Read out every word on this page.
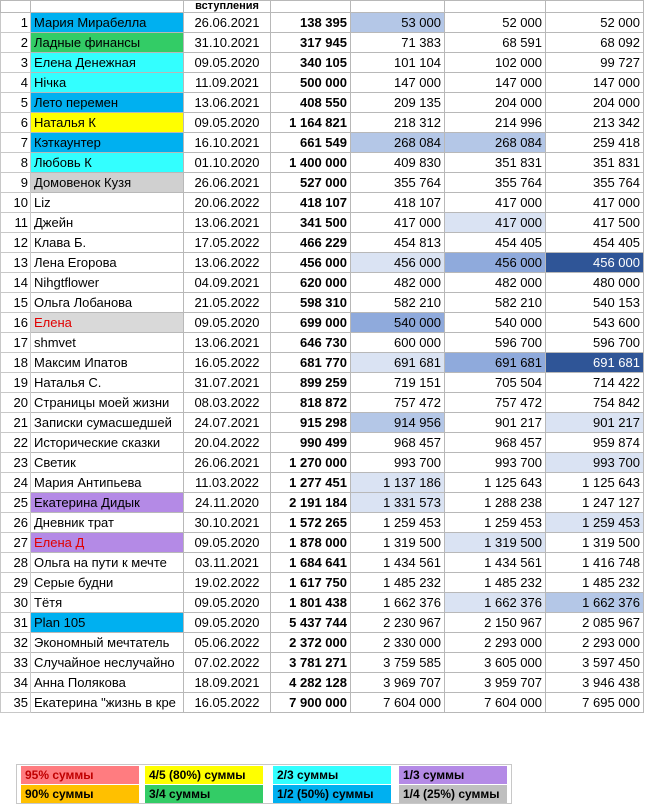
		вступления				
1	Мария Мирабелла	26.06.2021	138 395	53 000	52 000	52 000
2	Ладные финансы	31.10.2021	317 945	71 383	68 591	68 092
3	Елена Денежная	09.05.2020	340 105	101 104	102 000	99 727
4	Нічка	11.09.2021	500 000	147 000	147 000	147 000
5	Лето перемен	13.06.2021	408 550	209 135	204 000	204 000
6	Наталья К	09.05.2020	1 164 821	218 312	214 996	213 342
7	Кэткаунтер	16.10.2021	661 549	268 084	268 084	259 418
8	Любовь К	01.10.2020	1 400 000	409 830	351 831	351 831
9	Домовенок Кузя	26.06.2021	527 000	355 764	355 764	355 764
10	Liz	20.06.2022	418 107	418 107	417 000	417 000
11	Джейн	13.06.2021	341 500	417 000	417 000	417 500
12	Клава Б.	17.05.2022	466 229	454 813	454 405	454 405
13	Лена Егорова	13.06.2022	456 000	456 000	456 000	456 000
14	Nihgtflower	04.09.2021	620 000	482 000	482 000	480 000
15	Ольга Лобанова	21.05.2022	598 310	582 210	582 210	540 153
16	Елена	09.05.2020	699 000	540 000	540 000	543 600
17	shmvet	13.06.2021	646 730	600 000	596 700	596 700
18	Максим Ипатов	16.05.2022	681 770	691 681	691 681	691 681
19	Наталья С.	31.07.2021	899 259	719 151	705 504	714 422
20	Страницы моей жизни	08.03.2022	818 872	757 472	757 472	754 842
21	Записки сумасшедшей	24.07.2021	915 298	914 956	901 217	901 217
22	Исторические сказки	20.04.2022	990 499	968 457	968 457	959 874
23	Светик	26.06.2021	1 270 000	993 700	993 700	993 700
24	Мария Антипьева	11.03.2022	1 277 451	1 137 186	1 125 643	1 125 643
25	Екатерина Дидык	24.11.2020	2 191 184	1 331 573	1 288 238	1 247 127
26	Дневник трат	30.10.2021	1 572 265	1 259 453	1 259 453	1 259 453
27	Елена Д	09.05.2020	1 878 000	1 319 500	1 319 500	1 319 500
28	Ольга на пути к мечте	03.11.2021	1 684 641	1 434 561	1 434 561	1 416 748
29	Серые будни	19.02.2022	1 617 750	1 485 232	1 485 232	1 485 232
30	Тётя	09.05.2020	1 801 438	1 662 376	1 662 376	1 662 376
31	Plan 105	09.05.2020	5 437 744	2 230 967	2 150 967	2 085 967
32	Экономный мечтатель	05.06.2022	2 372 000	2 330 000	2 293 000	2 293 000
33	Случайное неслучайно	07.02.2022	3 781 271	3 759 585	3 605 000	3 597 450
34	Анна Полякова	18.09.2021	4 282 128	3 969 707	3 959 707	3 946 438
35	Екатерина "жизнь в кре	16.05.2022	7 900 000	7 604 000	7 604 000	7 695 000
95% суммы	4/5 (80%) суммы	2/3 суммы	1/3 суммы
90% суммы	3/4 суммы	1/2 (50%) суммы	1/4 (25%) суммы
